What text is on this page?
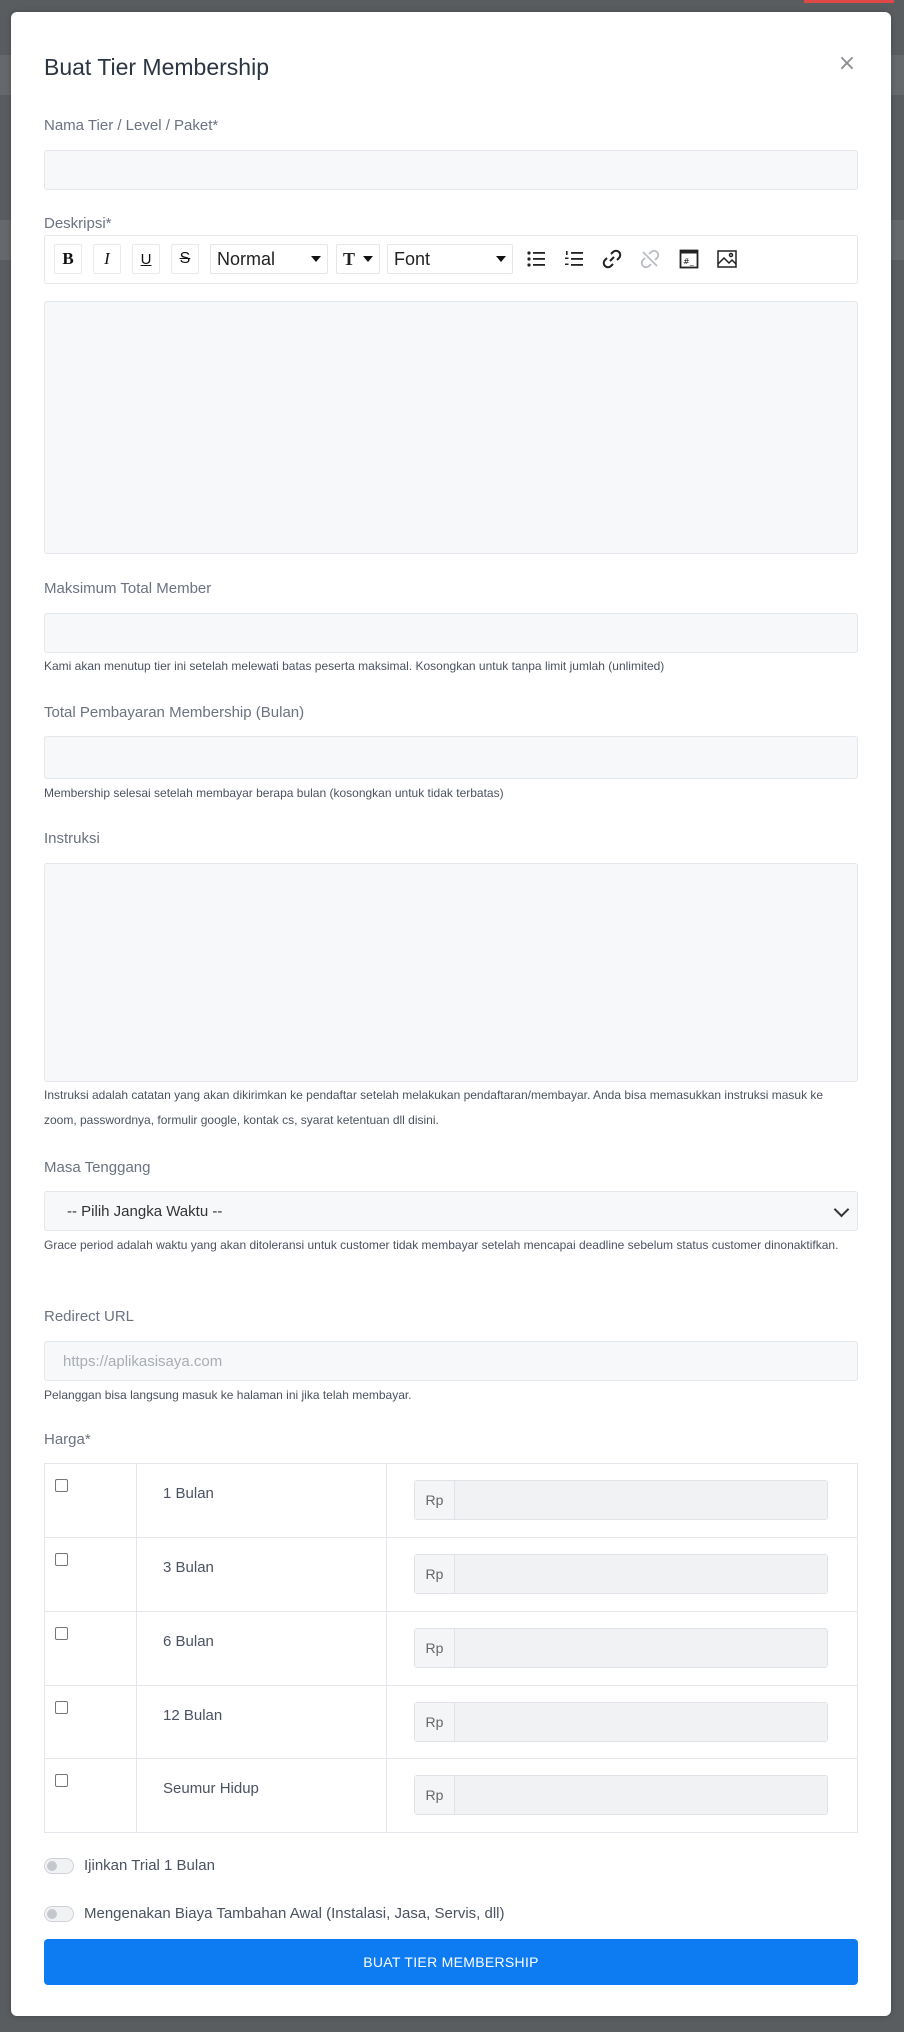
Buat Tier Membership	×
Nama Tier / Level / Paket*
Deskripsi*
B	I	U	S	Normal	T Font	#_
Maksimum Total Member
Kami akan menutup tier ini setelah melewati batas peserta maksimal. Kosongkan untuk tanpa limit jumlah (unlimited)
Total Pembayaran Membership (Bulan)
Membership selesai setelah membayar berapa bulan (kosongkan untuk tidak terbatas)
Instruksi
Instruksi adalah catatan yang akan dikirimkan ke pendaftar setelah melakukan pendaftaran/membayar. Anda bisa memasukkan instruksi masuk ke zoom, passwordnya, formulir google, kontak cs, syarat ketentuan dll disini.
Masa Tenggang
-- Pilih Jangka Waktu --
Grace period adalah waktu yang akan ditoleransi untuk customer tidak membayar setelah mencapai deadline sebelum status customer dinonaktifkan.
Redirect URL
https://aplikasisaya.com
Pelanggan bisa langsung masuk ke halaman ini jika telah membayar.
Harga*
1 Bulan	Rp
3 Bulan	Rp
6 Bulan	Rp
12 Bulan	Rp
Seumur Hidup	Rp
Ijinkan Trial 1 Bulan
Mengenakan Biaya Tambahan Awal (Instalasi, Jasa, Servis, dll)
BUAT TIER MEMBERSHIP
